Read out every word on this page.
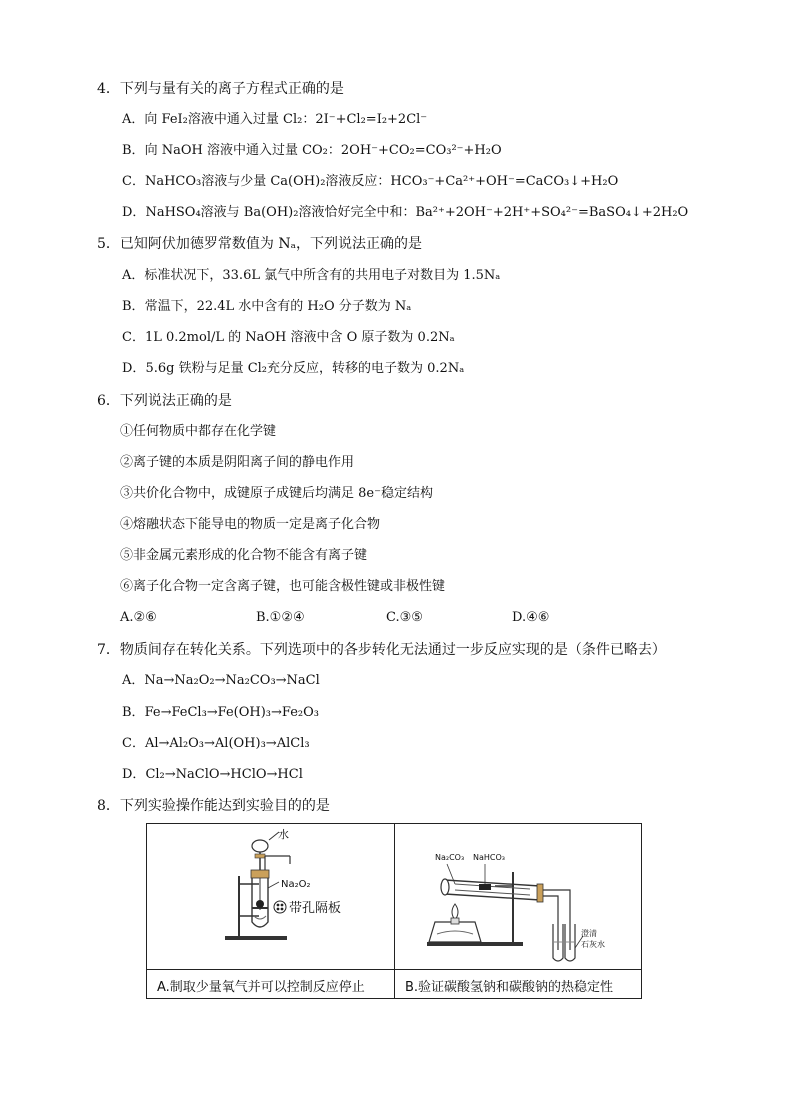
4．下列与量有关的离子方程式正确的是
A．向 FeI₂溶液中通入过量 Cl₂：2I⁻+Cl₂=I₂+2Cl⁻
B．向 NaOH 溶液中通入过量 CO₂：2OH⁻+CO₂=CO₃²⁻+H₂O
C．NaHCO₃溶液与少量 Ca(OH)₂溶液反应：HCO₃⁻+Ca²⁺+OH⁻=CaCO₃↓+H₂O
D．NaHSO₄溶液与 Ba(OH)₂溶液恰好完全中和：Ba²⁺+2OH⁻+2H⁺+SO₄²⁻=BaSO₄↓+2H₂O
5．已知阿伏加德罗常数值为 Nₐ，下列说法正确的是
A．标准状况下，33.6L 氯气中所含有的共用电子对数目为 1.5Nₐ
B．常温下，22.4L 水中含有的 H₂O 分子数为 Nₐ
C．1L 0.2mol/L 的 NaOH 溶液中含 O 原子数为 0.2Nₐ
D．5.6g 铁粉与足量 Cl₂充分反应，转移的电子数为 0.2Nₐ
6．下列说法正确的是
①任何物质中都存在化学键
②离子键的本质是阴阳离子间的静电作用
③共价化合物中，成键原子成键后均满足 8e⁻稳定结构
④熔融状态下能导电的物质一定是离子化合物
⑤非金属元素形成的化合物不能含有离子键
⑥离子化合物一定含离子键，也可能含极性键或非极性键
A.②⑥	B.①②④	C.③⑤	D.④⑥
7．物质间存在转化关系。下列选项中的各步转化无法通过一步反应实现的是（条件已略去）
A．Na→Na₂O₂→Na₂CO₃→NaCl
B．Fe→FeCl₃→Fe(OH)₃→Fe₂O₃
C．Al→Al₂O₃→Al(OH)₃→AlCl₃
D．Cl₂→NaClO→HClO→HCl
8．下列实验操作能达到实验目的的是
水
Na₂O₂
带孔隔板
Na₂CO₃ NaHCO₃
澄清
石灰水
A.制取少量氧气并可以控制反应停止	B.验证碳酸氢钠和碳酸钠的热稳定性
